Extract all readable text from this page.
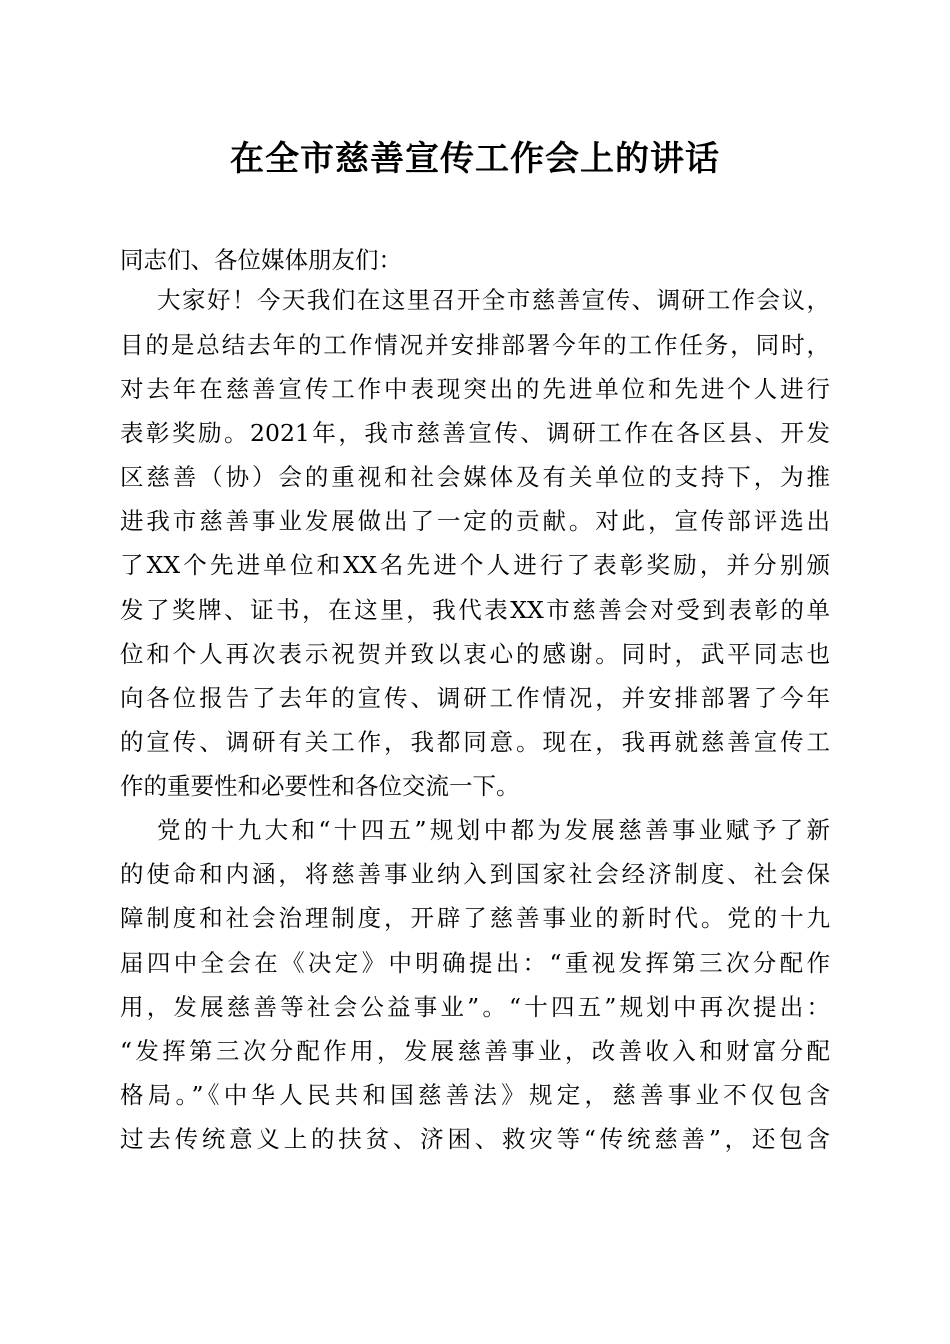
在全市慈善宣传工作会上的讲话

同志们、各位媒体朋友们：

大家好！今天我们在这里召开全市慈善宣传、调研工作会议，

目的是总结去年的工作情况并安排部署今年的工作任务，同时，

对去年在慈善宣传工作中表现突出的先进单位和先进个人进行

表彰奖励。2021年，我市慈善宣传、调研工作在各区县、开发

区慈善（协）会的重视和社会媒体及有关单位的支持下，为推

进我市慈善事业发展做出了一定的贡献。对此，宣传部评选出

了XX个先进单位和XX名先进个人进行了表彰奖励，并分别颁

发了奖牌、证书，在这里，我代表XX市慈善会对受到表彰的单

位和个人再次表示祝贺并致以衷心的感谢。同时，武平同志也

向各位报告了去年的宣传、调研工作情况，并安排部署了今年

的宣传、调研有关工作，我都同意。现在，我再就慈善宣传工

作的重要性和必要性和各位交流一下。

党的十九大和“十四五”规划中都为发展慈善事业赋予了新

的使命和内涵，将慈善事业纳入到国家社会经济制度、社会保

障制度和社会治理制度，开辟了慈善事业的新时代。党的十九

届四中全会在《决定》中明确提出：“重视发挥第三次分配作

用，发展慈善等社会公益事业”。“十四五”规划中再次提出：

“发挥第三次分配作用，发展慈善事业，改善收入和财富分配

格局。”《中华人民共和国慈善法》规定，慈善事业不仅包含

过去传统意义上的扶贫、济困、救灾等“传统慈善”，还包含
